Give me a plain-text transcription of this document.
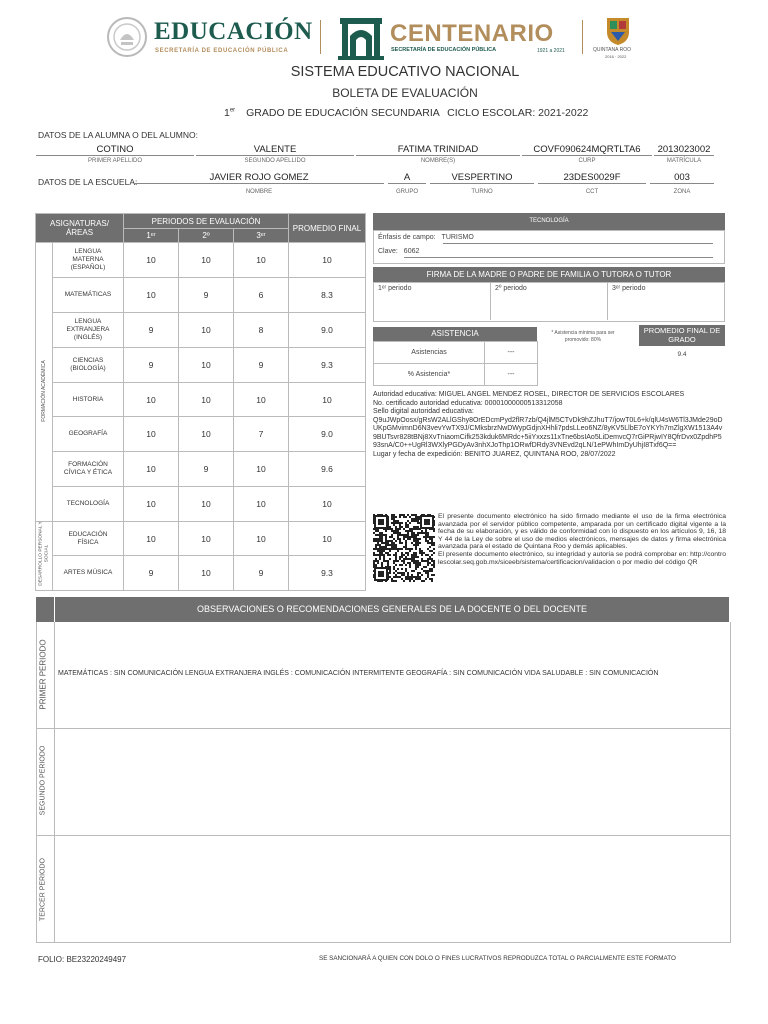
EDUCACIÓN
SECRETARÍA DE EDUCACIÓN PÚBLICA
CENTENARIO
SECRETARÍA DE EDUCACIÓN PÚBLICA	1921 a 2021	QUINTANA ROO
2016 · 2022
SISTEMA EDUCATIVO NACIONAL
BOLETA DE EVALUACIÓN
1er GRADO DE EDUCACIÓN SECUNDARIA CICLO ESCOLAR: 2021-2022
DATOS DE LA ALUMNA O DEL ALUMNO:
COTINO	VALENTE	FATIMA TRINIDAD	COVF090624MQRTLTA6	2013023002
PRIMER APELLIDO	SEGUNDO APELLIDO	NOMBRE(S)	CURP	MATRÍCULA
DATOS DE LA ESCUELA:	JAVIER ROJO GOMEZ	A	VESPERTINO	23DES0029F	003
NOMBRE	GRUPO	TURNO	CCT	ZONA
ASIGNATURAS/ÁREAS		PERIODOS DE EVALUACIÓN			PROMEDIO FINAL
		1ᵉʳ	2º	3ᵉʳ	
	LENGUA MATERNA (ESPAÑOL)	10	10	10	10
	MATEMÁTICAS	10	9	6	8.3
	LENGUA EXTRANJERA (INGLÉS)	9	10	8	9.0
	CIENCIAS (BIOLOGÍA)	9	10	9	9.3
	HISTORIA	10	10	10	10
	GEOGRAFÍA	10	10	7	9.0
	FORMACIÓN CÍVICA Y ÉTICA	10	9	10	9.6
	TECNOLOGÍA	10	10	10	10
	EDUCACIÓN FÍSICA	10	10	10	10
	ARTES MÚSICA	9	10	9	9.3
FORMACIÓN ACADÉMICA
DESARROLLO PERSONAL Y SOCIAL
TECNOLOGÍA
Énfasis de campo: TURISMO
Clave: 6062
FIRMA DE LA MADRE O PADRE DE FAMILIA O TUTORA O TUTOR
1ᵉʳ periodo	2º periodo	3ᵉʳ periodo
ASISTENCIA
Asistencias	---
% Asistencia*	---
* Asistencia mínima para ser promovido: 80%
PROMEDIO FINAL DE GRADO
9.4
Autoridad educativa: MIGUEL ANGEL MENDEZ ROSEL, DIRECTOR DE SERVICIOS ESCOLARES
No. certificado autoridad educativa: 00001000000513312058
Sello digital autoridad educativa:
Q9uJWpOosx/gRsW2ALlGShy8OrEDcmPyd2flR7zb/Q4jlM5CTvDk9hZJhuT7/jowT0L6+k/qlU4sW6Tl3JMde29oDUKpGMvimnD6N3vevYwTX9J/CMksbrzNwDWypGdjnXHhli7pdsLLeo6NZ/8yKV5LlbE7oYKYh7mZlgXW1513A4v9BUTsvr828tBNj8XvTniaomCifk253kduk6MRdc+5iiYxxzs11xTne6bsIAo5LiDemvcQ7rGiPRjwIY8QfrDvx0ZpdhP593snA/C0++UgRl3WXlyPGDyAv3nhXJoThp1ORwfDRdy3VNEvd2qLN/1ePWhImDyUhjI8Txf6Q==
Lugar y fecha de expedición: BENITO JUAREZ, QUINTANA ROO, 28/07/2022
El presente documento electrónico ha sido firmado mediante el uso de la firma electrónica avanzada por el servidor público competente, amparada por un certificado digital vigente a la fecha de su elaboración, y es válido de conformidad con lo dispuesto en los artículos 9, 16, 18 Y 44 de la Ley de sobre el uso de medios electrónicos, mensajes de datos y firma electrónica avanzada para el estado de Quintana Roo y demás aplicables.
El presente documento electrónico, su integridad y autoría se podrá comprobar en: http://controlescolar.seq.gob.mx/siceeb/sistema/certificacion/validacion o por medio del código QR
OBSERVACIONES O RECOMENDACIONES GENERALES DE LA DOCENTE O DEL DOCENTE
PRIMER PERIODO MATEMÁTICAS : SIN COMUNICACIÓN LENGUA EXTRANJERA INGLÉS : COMUNICACIÓN INTERMITENTE GEOGRAFÍA : SIN COMUNICACIÓN VIDA SALUDABLE : SIN COMUNICACIÓN
SEGUNDO PERIODO
TERCER PERIODO
FOLIO: BE23220249497	SE SANCIONARÁ A QUIEN CON DOLO O FINES LUCRATIVOS REPRODUZCA TOTAL O PARCIALMENTE ESTE FORMATO
